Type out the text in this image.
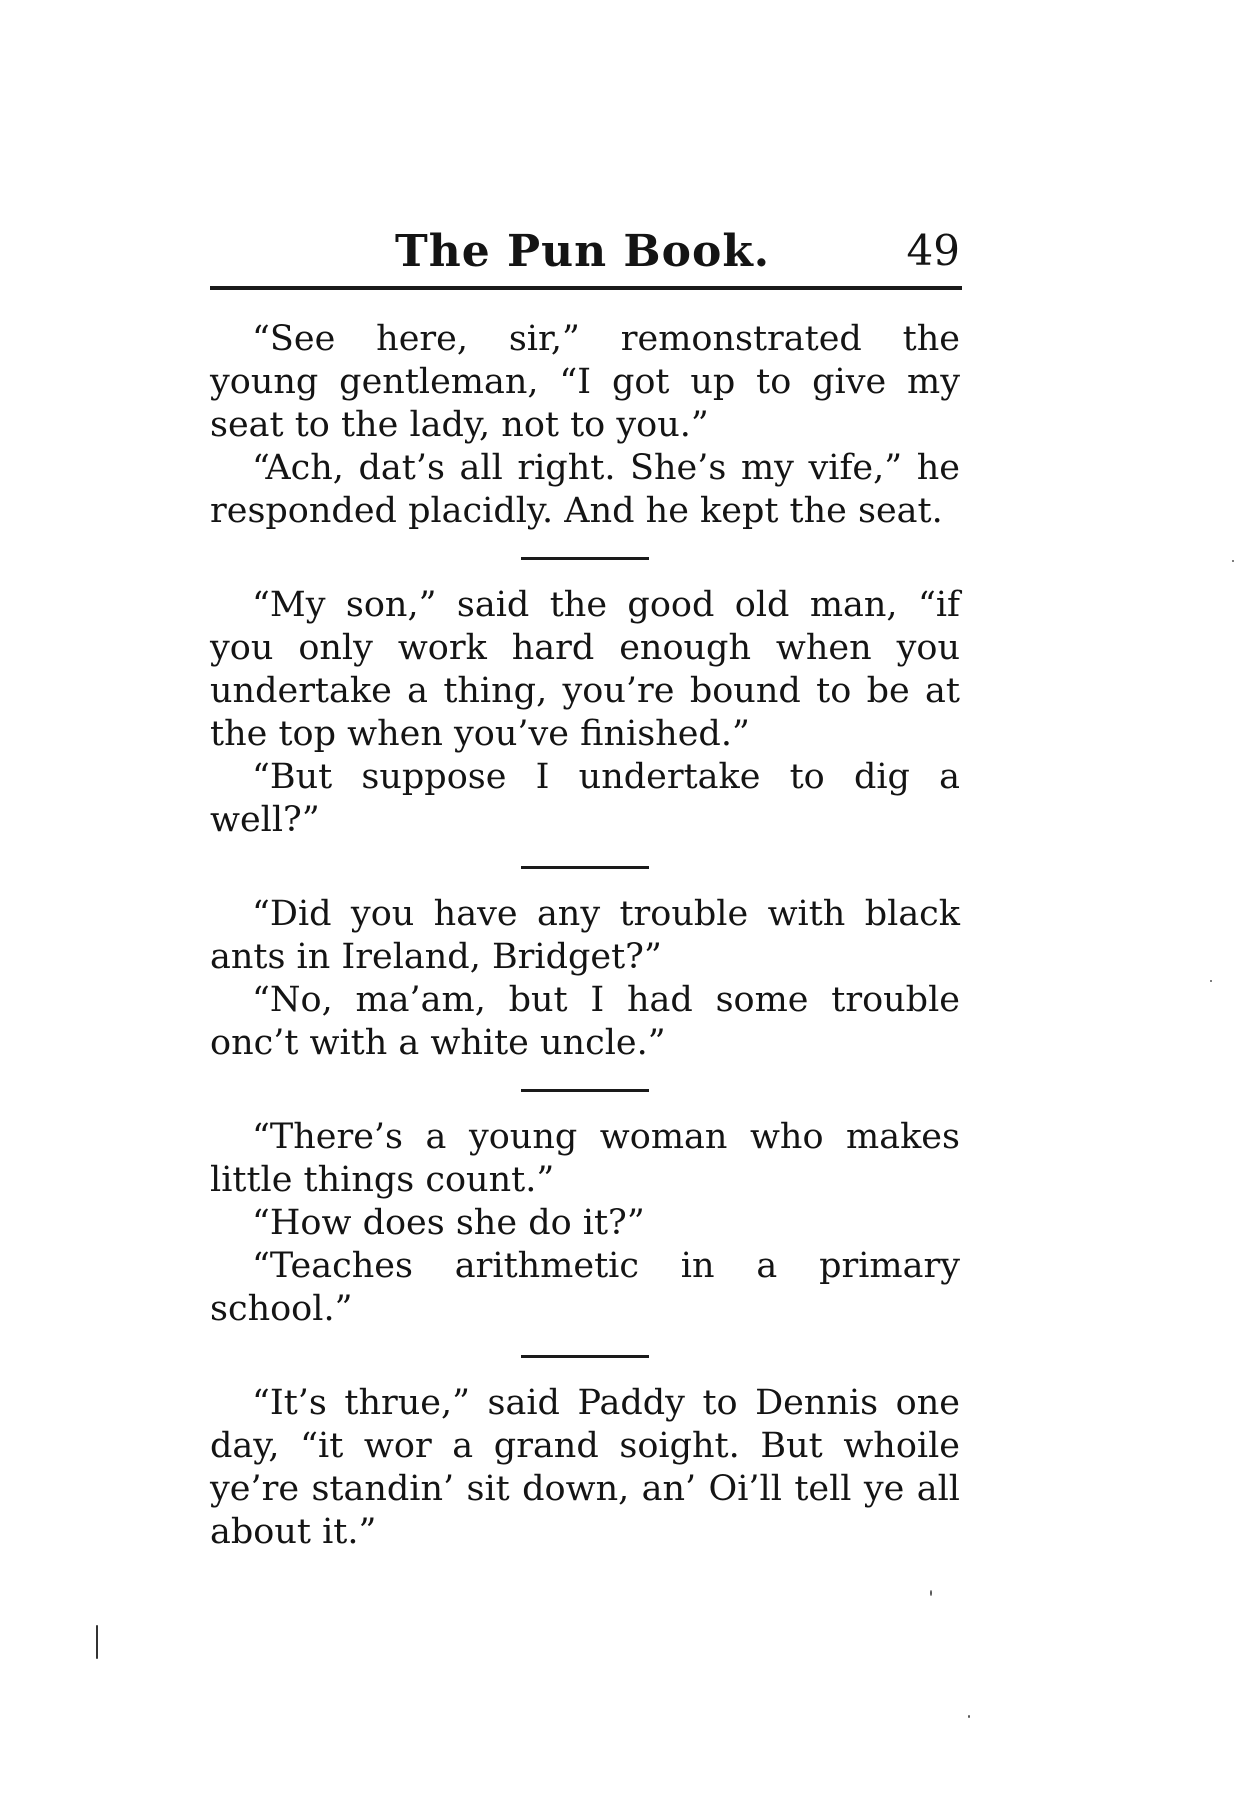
The Pun Book.	49

“See here, sir,” remonstrated the young gentleman, “I got up to give my seat to the lady, not to you.”

“Ach, dat’s all right. She’s my vife,” he responded placidly. And he kept the seat.

“My son,” said the good old man, “if you only work hard enough when you undertake a thing, you’re bound to be at the top when you’ve finished.”

“But suppose I undertake to dig a well?”

“Did you have any trouble with black ants in Ireland, Bridget?”

“No, ma’am, but I had some trouble onc’t with a white uncle.”

“There’s a young woman who makes little things count.”

“How does she do it?”

“Teaches arithmetic in a primary school.”

“It’s thrue,” said Paddy to Dennis one day, “it wor a grand soight. But whoile ye’re standin’ sit down, an’ Oi’ll tell ye all about it.”
